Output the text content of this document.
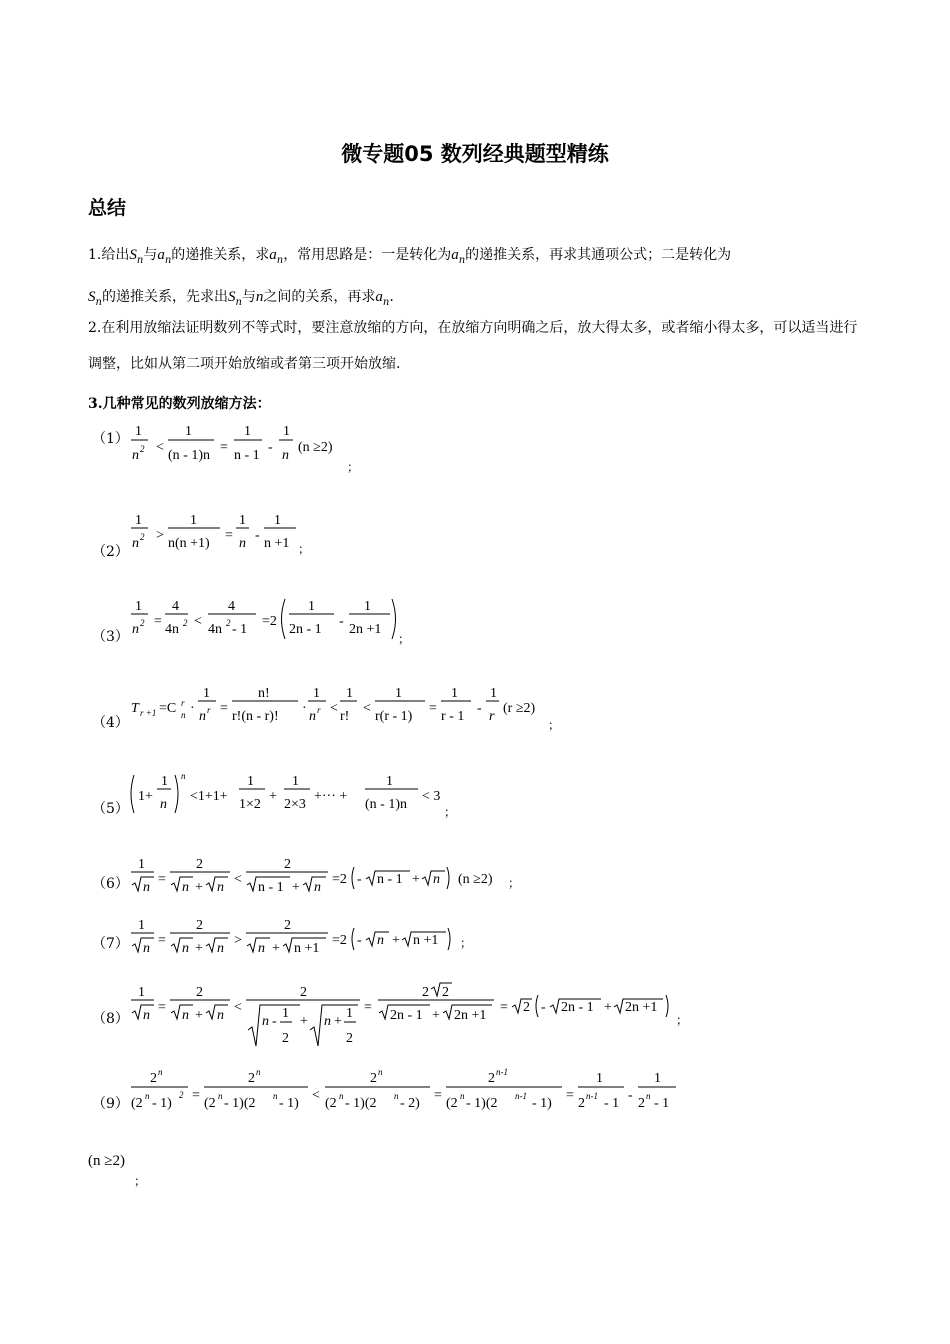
微专题05 数列经典题型精练
总结
1.给出$S_n$与$a_n$的递推关系，求$a_n$，常用思路是：一是转化为$a_n$的递推关系，再求其通项公式；二是转化为
$S_n$的递推关系，先求出$S_n$与n之间的关系，再求$a_n$.
2.在利用放缩法证明数列不等式时，要注意放缩的方向，在放缩方向明确之后，放大得太多，或者缩小得太多，可以适当进行调整，比如从第二项开始放缩或者第三项开始放缩.
3.几种常见的数列放缩方法：
（1） 1
n 2 <
1
(n - 1)n
=
1
n - 1
-
1
n
(n ≥2)
；
（2）
1
n 2 >
1
n(n +1)
=
1
n
-
1
n +1 ；
（3）
1
n 2 =
4
4n 2 <
4
4n 2 - 1
=2
1
2n - 1
-
1
2n +1
；
（4）
T r +1 =C r
n ·
1
n r =
n!
r!(n - r)!
·
1
n r <
1
r!
<
1
r(r - 1)
=
1
r - 1
-
1
r
(r ≥2)
；
（5）
1+
1
n
n
<1+1+
1
1×2
+
1
2×3
+··· +
1
(n - 1)n
< 3
；
（6）
1
n
=
2
n + n
<
2
n - 1 + n
=2 - n - 1 + n (n ≥2) ；
（7）
1
n
=
2
n + n
>
2
n + n +1
=2 - n + n +1 ；
（8）
1
n
=
2
n + n
<
2
n -
1
2
+ n +
1
2
=
2 2
2n - 1 + 2n +1
= 2 - 2n - 1 + 2n +1
；
（9）
2 n
(2 n - 1)
2 =
2 n
(2 n - 1)(2 n - 1)
<
2 n
(2 n - 1)(2 n - 2)
=
2 n-1
(2 n - 1)(2 n-1 - 1)
=
1
2 n-1 - 1
-
1
2 n - 1
(n ≥2)
；
